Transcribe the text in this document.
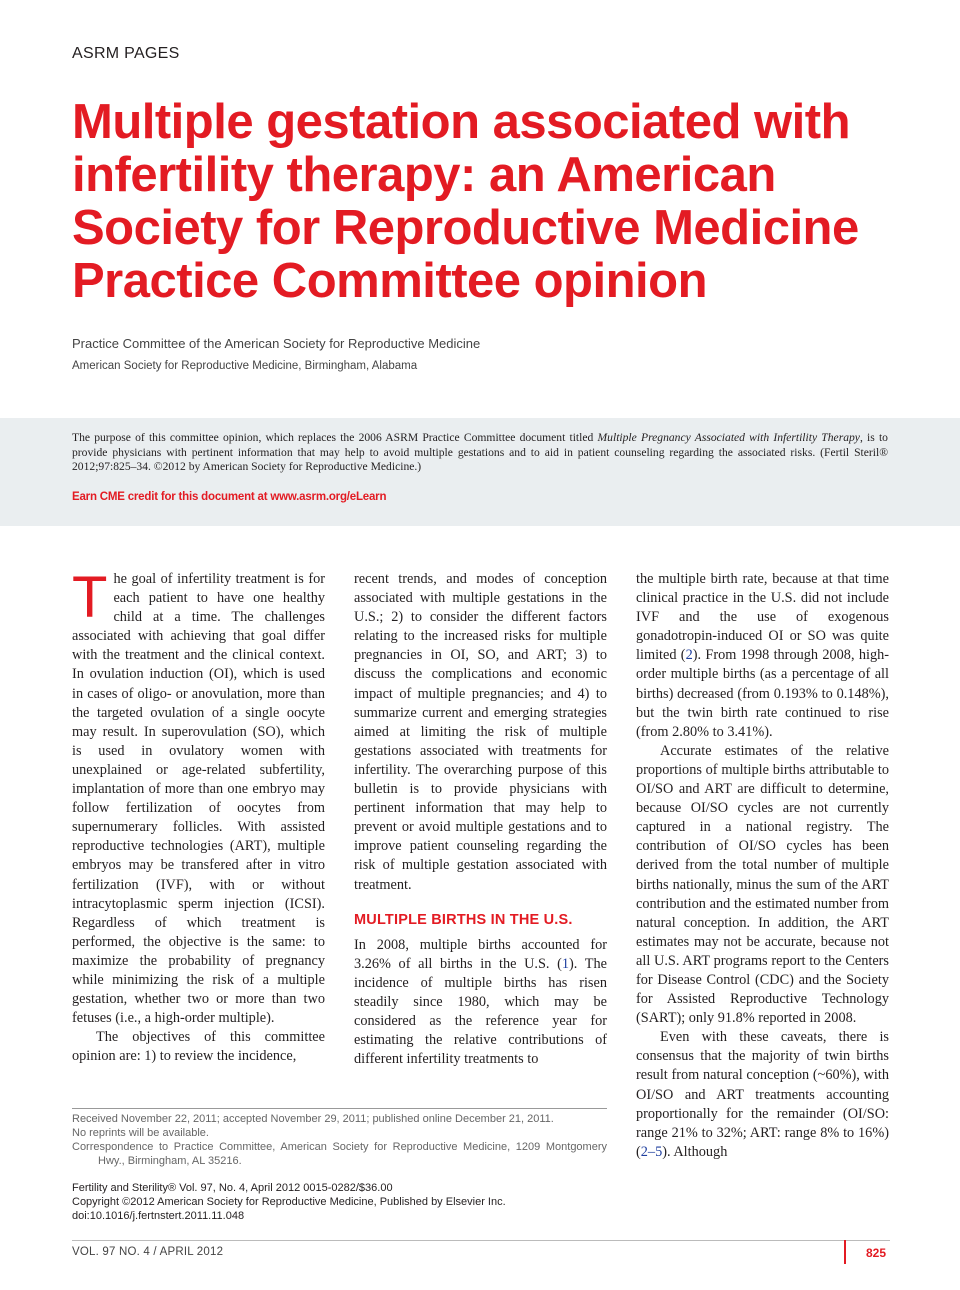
ASRM PAGES
Multiple gestation associated with infertility therapy: an American Society for Reproductive Medicine Practice Committee opinion
Practice Committee of the American Society for Reproductive Medicine
American Society for Reproductive Medicine, Birmingham, Alabama

The purpose of this committee opinion, which replaces the 2006 ASRM Practice Committee document titled Multiple Pregnancy Associated with Infertility Therapy, is to provide physicians with pertinent information that may help to avoid multiple gestations and to aid in patient counseling regarding the associated risks. (Fertil Steril® 2012;97:825–34. ©2012 by American Society for Reproductive Medicine.)

Earn CME credit for this document at www.asrm.org/eLearn

The goal of infertility treatment is for each patient to have one healthy child at a time. The challenges associated with achieving that goal differ with the treatment and the clinical context. In ovulation induction (OI), which is used in cases of oligo- or anovulation, more than the targeted ovulation of a single oocyte may result. In superovulation (SO), which is used in ovulatory women with unexplained or age-related subfertility, implantation of more than one embryo may follow fertilization of oocytes from supernumerary follicles. With assisted reproductive technologies (ART), multiple embryos may be transfered after in vitro fertilization (IVF), with or without intracytoplasmic sperm injection (ICSI). Regardless of which treatment is performed, the objective is the same: to maximize the probability of pregnancy while minimizing the risk of a multiple gestation, whether two or more than two fetuses (i.e., a high-order multiple).

The objectives of this committee opinion are: 1) to review the incidence,

recent trends, and modes of conception associated with multiple gestations in the U.S.; 2) to consider the different factors relating to the increased risks for multiple pregnancies in OI, SO, and ART; 3) to discuss the complications and economic impact of multiple pregnancies; and 4) to summarize current and emerging strategies aimed at limiting the risk of multiple gestations associated with treatments for infertility. The overarching purpose of this bulletin is to provide physicians with pertinent information that may help to prevent or avoid multiple gestations and to improve patient counseling regarding the risk of multiple gestation associated with treatment.

MULTIPLE BIRTHS IN THE U.S.

In 2008, multiple births accounted for 3.26% of all births in the U.S. (1). The incidence of multiple births has risen steadily since 1980, which may be considered as the reference year for estimating the relative contributions of different infertility treatments to

the multiple birth rate, because at that time clinical practice in the U.S. did not include IVF and the use of exogenous gonadotropin-induced OI or SO was quite limited (2). From 1998 through 2008, high-order multiple births (as a percentage of all births) decreased (from 0.193% to 0.148%), but the twin birth rate continued to rise (from 2.80% to 3.41%).

Accurate estimates of the relative proportions of multiple births attributable to OI/SO and ART are difficult to determine, because OI/SO cycles are not currently captured in a national registry. The contribution of OI/SO cycles has been derived from the total number of multiple births nationally, minus the sum of the ART contribution and the estimated number from natural conception. In addition, the ART estimates may not be accurate, because not all U.S. ART programs report to the Centers for Disease Control (CDC) and the Society for Assisted Reproductive Technology (SART); only 91.8% reported in 2008.

Even with these caveats, there is consensus that the majority of twin births result from natural conception (~60%), with OI/SO and ART treatments accounting proportionally for the remainder (OI/SO: range 21% to 32%; ART: range 8% to 16%) (2–5). Although

Received November 22, 2011; accepted November 29, 2011; published online December 21, 2011.

No reprints will be available.

Correspondence to Practice Committee, American Society for Reproductive Medicine, 1209 Montgomery Hwy., Birmingham, AL 35216.

Fertility and Sterility® Vol. 97, No. 4, April 2012 0015-0282/$36.00

Copyright ©2012 American Society for Reproductive Medicine, Published by Elsevier Inc.

doi:10.1016/j.fertnstert.2011.11.048

VOL. 97 NO. 4 / APRIL 2012	825
